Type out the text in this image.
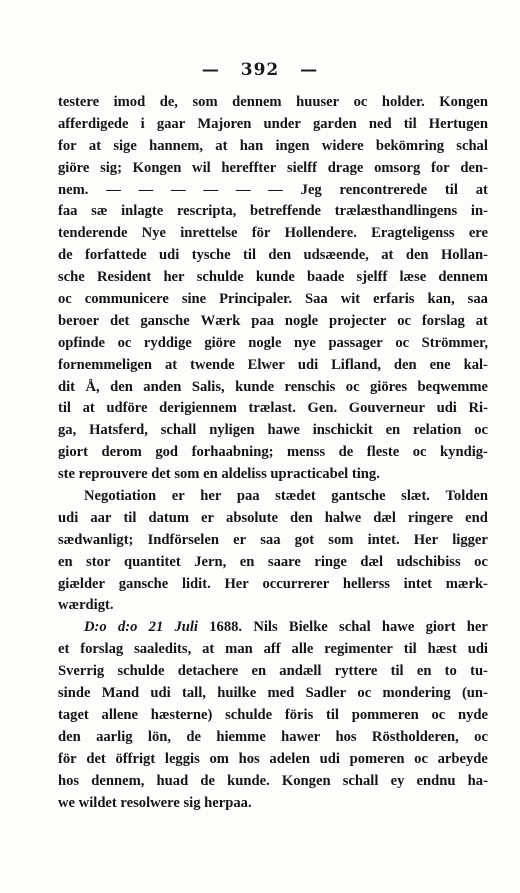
— 392 —
testere imod de, som dennem huuser oc holder. Kongen
afferdigede i gaar Majoren under garden ned til Hertugen
for at sige hannem, at han ingen widere bekömring schal
giöre sig; Kongen wil hereffter sielff drage omsorg for den-
nem. — — — — — — Jeg rencontrerede til at
faa sæ inlagte rescripta, betreffende trælæsthandlingens in-
tenderende Nye inrettelse för Hollendere. Eragteligenss ere
de forfattede udi tysche til den udsæende, at den Hollan-
sche Resident her schulde kunde baade sjelff læse dennem
oc communicere sine Principaler. Saa wit erfaris kan, saa
beroer det gansche Wærk paa nogle projecter oc forslag at
opfinde oc ryddige giöre nogle nye passager oc Strömmer,
fornemmeligen at twende Elwer udi Lifland, den ene kal-
dit Å, den anden Salis, kunde renschis oc giöres beqwemme
til at udföre derigiennem trælast. Gen. Gouverneur udi Ri-
ga, Hatsferd, schall nyligen hawe inschickit en relation oc
giort derom god forhaabning; menss de fleste oc kyndig-
ste reprouvere det som en aldeliss upracticabel ting.
Negotiation er her paa stædet gantsche slæt. Tolden
udi aar til datum er absolute den halwe dæl ringere end
sædwanligt; Indförselen er saa got som intet. Her ligger
en stor quantitet Jern, en saare ringe dæl udschibiss oc
giælder gansche lidit. Her occurrerer hellerss intet mærk-
wærdigt.
D:o d:o 21 Juli 1688. Nils Bielke schal hawe giort her
et forslag saaledits, at man aff alle regimenter til hæst udi
Sverrig schulde detachere en andæll ryttere til en to tu-
sinde Mand udi tall, huilke med Sadler oc mondering (un-
taget allene hæsterne) schulde föris til pommeren oc nyde
den aarlig lön, de hiemme hawer hos Röstholderen, oc
för det öffrigt leggis om hos adelen udi pomeren oc arbeyde
hos dennem, huad de kunde. Kongen schall ey endnu ha-
we wildet resolwere sig herpaa.
